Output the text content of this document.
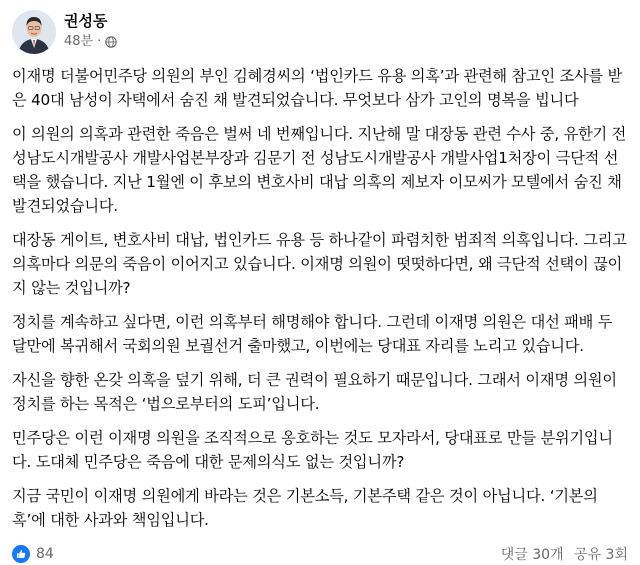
권성동
48분 ·

이재명 더불어민주당 의원의 부인 김혜경씨의 ‘법인카드 유용 의혹’과 관련해 참고인 조사를 받은 40대 남성이 자택에서 숨진 채 발견되었습니다. 무엇보다 삼가 고인의 명복을 빕니다

이 의원의 의혹과 관련한 죽음은 벌써 네 번째입니다. 지난해 말 대장동 관련 수사 중, 유한기 전 성남도시개발공사 개발사업본부장과 김문기 전 성남도시개발공사 개발사업1처장이 극단적 선택을 했습니다. 지난 1월엔 이 후보의 변호사비 대납 의혹의 제보자 이모씨가 모텔에서 숨진 채 발견되었습니다.

대장동 게이트, 변호사비 대납, 법인카드 유용 등 하나같이 파렴치한 범죄적 의혹입니다. 그리고 의혹마다 의문의 죽음이 이어지고 있습니다. 이재명 의원이 떳떳하다면, 왜 극단적 선택이 끊이지 않는 것입니까?

정치를 계속하고 싶다면, 이런 의혹부터 해명해야 합니다. 그런데 이재명 의원은 대선 패배 두 달만에 복귀해서 국회의원 보궐선거 출마했고, 이번에는 당대표 자리를 노리고 있습니다.

자신을 향한 온갖 의혹을 덮기 위해, 더 큰 권력이 필요하기 때문입니다. 그래서 이재명 의원이 정치를 하는 목적은 ‘법으로부터의 도피’입니다.

민주당은 이런 이재명 의원을 조직적으로 옹호하는 것도 모자라서, 당대표로 만들 분위기입니다. 도대체 민주당은 죽음에 대한 문제의식도 없는 것입니까?

지금 국민이 이재명 의원에게 바라는 것은 기본소득, 기본주택 같은 것이 아닙니다. ‘기본의혹’에 대한 사과와 책임입니다.

84	댓글 30개 공유 3회
